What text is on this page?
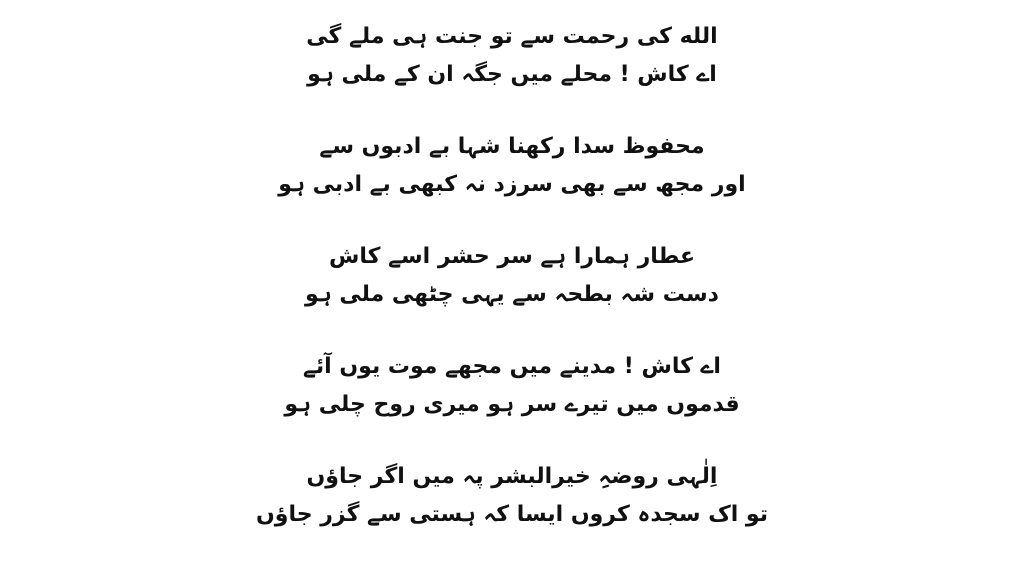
الله کی رحمت سے تو جنت ہی ملے گی
اے کاش ! محلے میں جگہ ان کے ملی ہو
محفوظ سدا رکھنا شہا بے ادبوں سے
اور مجھ سے بھی سرزد نہ کبھی بے ادبی ہو
عطار ہمارا ہے سر حشر اسے کاش
دست شہ بطحہ سے یہی چٹھی ملی ہو
اے کاش ! مدینے میں مجھے موت یوں آئے
قدموں میں تیرے سر ہو میری روح چلی ہو
اِلٰہی روضہِ خیرالبشر پہ میں اگر جاؤں
تو اک سجدہ کروں ایسا کہ ہستی سے گزر جاؤں
